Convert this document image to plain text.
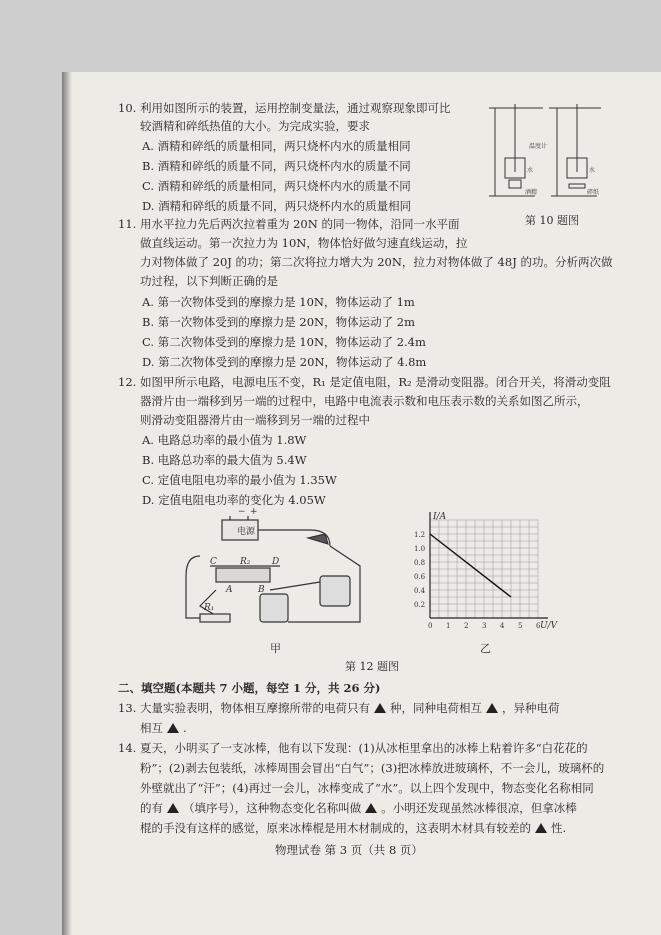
10. 利用如图所示的装置，运用控制变量法，通过观察现象即可比
较酒精和碎纸热值的大小。为完成实验，要求
A. 酒精和碎纸的质量相同，两只烧杯内水的质量相同
B. 酒精和碎纸的质量不同，两只烧杯内水的质量不同
C. 酒精和碎纸的质量相同，两只烧杯内水的质量不同
D. 酒精和碎纸的质量不同，两只烧杯内水的质量相同
温度计
水	水
酒精	碎纸
第 10 题图
11. 用水平拉力先后两次拉着重为 20N 的同一物体，沿同一水平面
做直线运动。第一次拉力为 10N，物体恰好做匀速直线运动，拉
力对物体做了 20J 的功；第二次将拉力增大为 20N，拉力对物体做了 48J 的功。分析两次做
功过程，以下判断正确的是
A. 第一次物体受到的摩擦力是 10N，物体运动了 1m
B. 第一次物体受到的摩擦力是 20N，物体运动了 2m
C. 第二次物体受到的摩擦力是 10N，物体运动了 2.4m
D. 第二次物体受到的摩擦力是 20N，物体运动了 4.8m
12. 如图甲所示电路，电源电压不变，R₁ 是定值电阻，R₂ 是滑动变阻器。闭合开关，将滑动变阻
器滑片由一端移到另一端的过程中，电路中电流表示数和电压表示数的关系如图乙所示，
则滑动变阻器滑片由一端移到另一端的过程中
A. 电路总功率的最小值为 1.8W
B. 电路总功率的最大值为 5.4W
C. 定值电阻电功率的最小值为 1.35W
D. 定值电阻电功率的变化为 4.05W
电源
− +
C	D
R₂
A	B
R₁
甲
0 1 2 3 4 5 6
0.2
0.4
0.6
0.8
1.0
1.2
U/V
I/A
乙
第 12 题图
二、填空题(本题共 7 小题，每空 1 分，共 26 分)
13. 大量实验表明，物体相互摩擦所带的电荷只有 种，同种电荷相互 ，异种电荷
相互 .
14. 夏天，小明买了一支冰棒，他有以下发现：(1)从冰柜里拿出的冰棒上粘着许多“白花花的
粉”；(2)剥去包装纸，冰棒周围会冒出“白气”；(3)把冰棒放进玻璃杯，不一会儿，玻璃杯的
外壁就出了“汗”；(4)再过一会儿，冰棒变成了“水”。以上四个发现中，物态变化名称相同
的有 （填序号），这种物态变化名称叫做 。小明还发现虽然冰棒很凉，但拿冰棒
棍的手没有这样的感觉，原来冰棒棍是用木材制成的，这表明木材具有较差的 性.
物理试卷 第 3 页（共 8 页）
